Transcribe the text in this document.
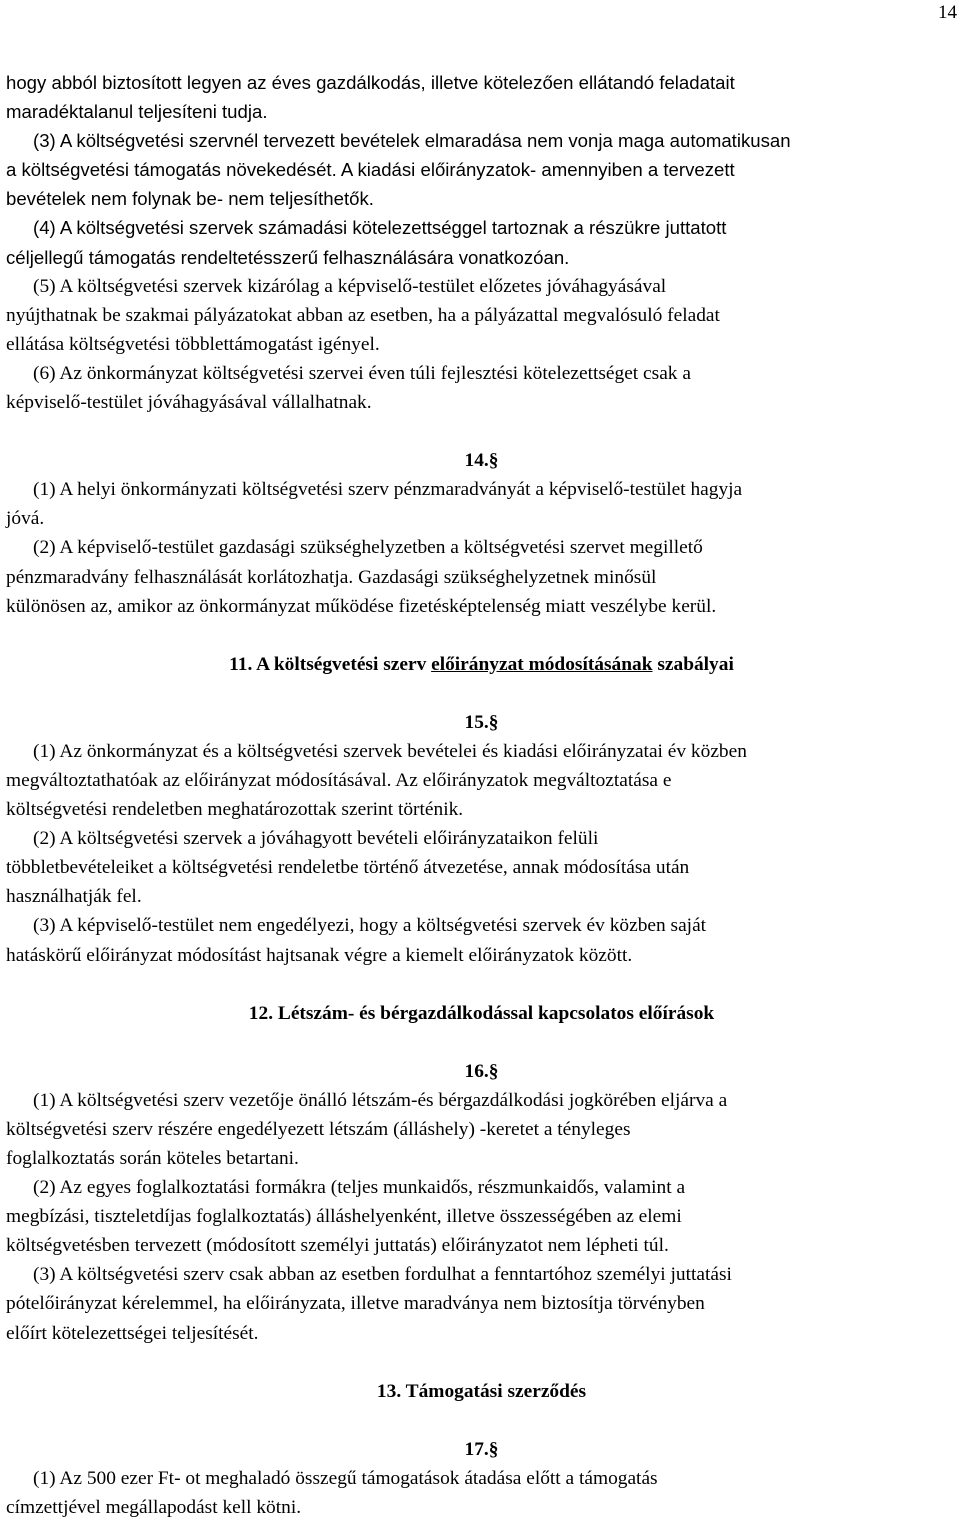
14
hogy abból biztosított legyen az éves gazdálkodás, illetve kötelezően ellátandó feladatait
maradéktalanul teljesíteni tudja.
(3) A költségvetési szervnél tervezett bevételek elmaradása nem vonja maga automatikusan
a költségvetési támogatás növekedését. A kiadási előirányzatok- amennyiben a tervezett
bevételek nem folynak be- nem teljesíthetők.
(4) A költségvetési szervek számadási kötelezettséggel tartoznak a részükre juttatott
céljellegű támogatás rendeltetésszerű felhasználására vonatkozóan.
(5) A költségvetési szervek kizárólag a képviselő-testület előzetes jóváhagyásával
nyújthatnak be szakmai pályázatokat abban az esetben, ha a pályázattal megvalósuló feladat
ellátása költségvetési többlettámogatást igényel.
(6) Az önkormányzat költségvetési szervei éven túli fejlesztési kötelezettséget csak a
képviselő-testület jóváhagyásával vállalhatnak.

14.§

(1) A helyi önkormányzati költségvetési szerv pénzmaradványát a képviselő-testület hagyja
jóvá.
(2) A képviselő-testület gazdasági szükséghelyzetben a költségvetési szervet megillető
pénzmaradvány felhasználását korlátozhatja. Gazdasági szükséghelyzetnek minősül
különösen az, amikor az önkormányzat működése fizetésképtelenség miatt veszélybe kerül.

11. A költségvetési szerv előirányzat módosításának szabályai

15.§

(1) Az önkormányzat és a költségvetési szervek bevételei és kiadási előirányzatai év közben
megváltoztathatóak az előirányzat módosításával. Az előirányzatok megváltoztatása e
költségvetési rendeletben meghatározottak szerint történik.
(2) A költségvetési szervek a jóváhagyott bevételi előirányzataikon felüli
többletbevételeiket a költségvetési rendeletbe történő átvezetése, annak módosítása után
használhatják fel.
(3) A képviselő-testület nem engedélyezi, hogy a költségvetési szervek év közben saját
hatáskörű előirányzat módosítást hajtsanak végre a kiemelt előirányzatok között.

12. Létszám- és bérgazdálkodással kapcsolatos előírások

16.§

(1) A költségvetési szerv vezetője önálló létszám-és bérgazdálkodási jogkörében eljárva a
költségvetési szerv részére engedélyezett létszám (álláshely) -keretet a tényleges
foglalkoztatás során köteles betartani.
(2) Az egyes foglalkoztatási formákra (teljes munkaidős, részmunkaidős, valamint a
megbízási, tiszteletdíjas foglalkoztatás) álláshelyenként, illetve összességében az elemi
költségvetésben tervezett (módosított személyi juttatás) előirányzatot nem lépheti túl.
(3) A költségvetési szerv csak abban az esetben fordulhat a fenntartóhoz személyi juttatási
pótelőirányzat kérelemmel, ha előirányzata, illetve maradványa nem biztosítja törvényben
előírt kötelezettségei teljesítését.

13. Támogatási szerződés

17.§

(1) Az 500 ezer Ft- ot meghaladó összegű támogatások átadása előtt a támogatás
címzettjével megállapodást kell kötni.
